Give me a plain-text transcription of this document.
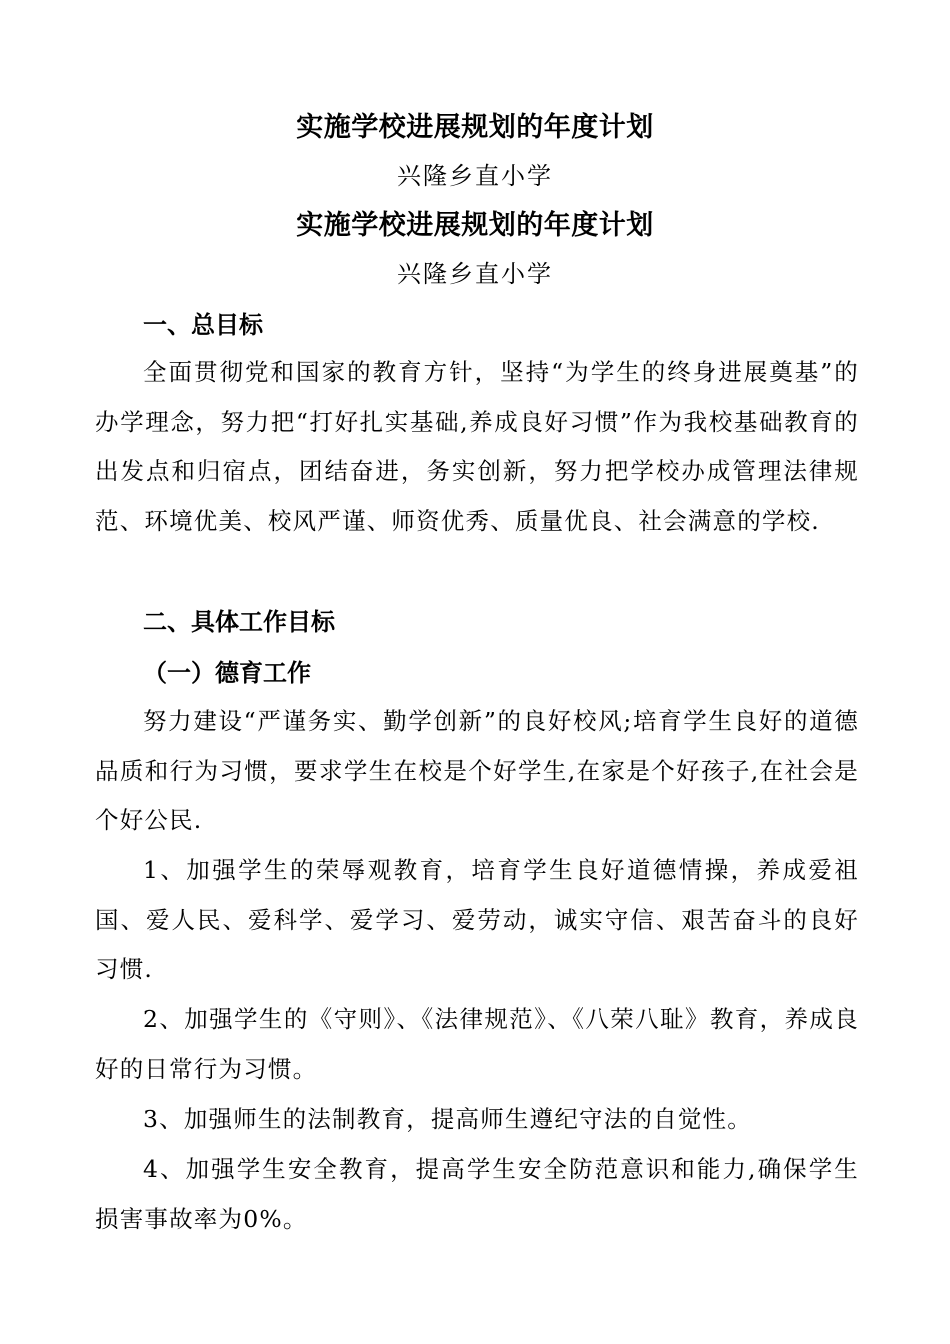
实施学校进展规划的年度计划
兴隆乡直小学
实施学校进展规划的年度计划
兴隆乡直小学
一、总目标
全面贯彻党和国家的教育方针，坚持“为学生的终身进展奠基”的办学理念，努力把“打好扎实基础,养成良好习惯”作为我校基础教育的出发点和归宿点，团结奋进，务实创新，努力把学校办成管理法律规范、环境优美、校风严谨、师资优秀、质量优良、社会满意的学校.
二、具体工作目标
（一）德育工作
努力建设“严谨务实、勤学创新”的良好校风;培育学生良好的道德品质和行为习惯，要求学生在校是个好学生,在家是个好孩子,在社会是个好公民.
1、加强学生的荣辱观教育，培育学生良好道德情操，养成爱祖国、爱人民、爱科学、爱学习、爱劳动，诚实守信、艰苦奋斗的良好习惯.
2、加强学生的《守则》、《法律规范》、《八荣八耻》教育，养成良好的日常行为习惯。
3、加强师生的法制教育，提高师生遵纪守法的自觉性。
4、加强学生安全教育，提高学生安全防范意识和能力,确保学生损害事故率为0%。
